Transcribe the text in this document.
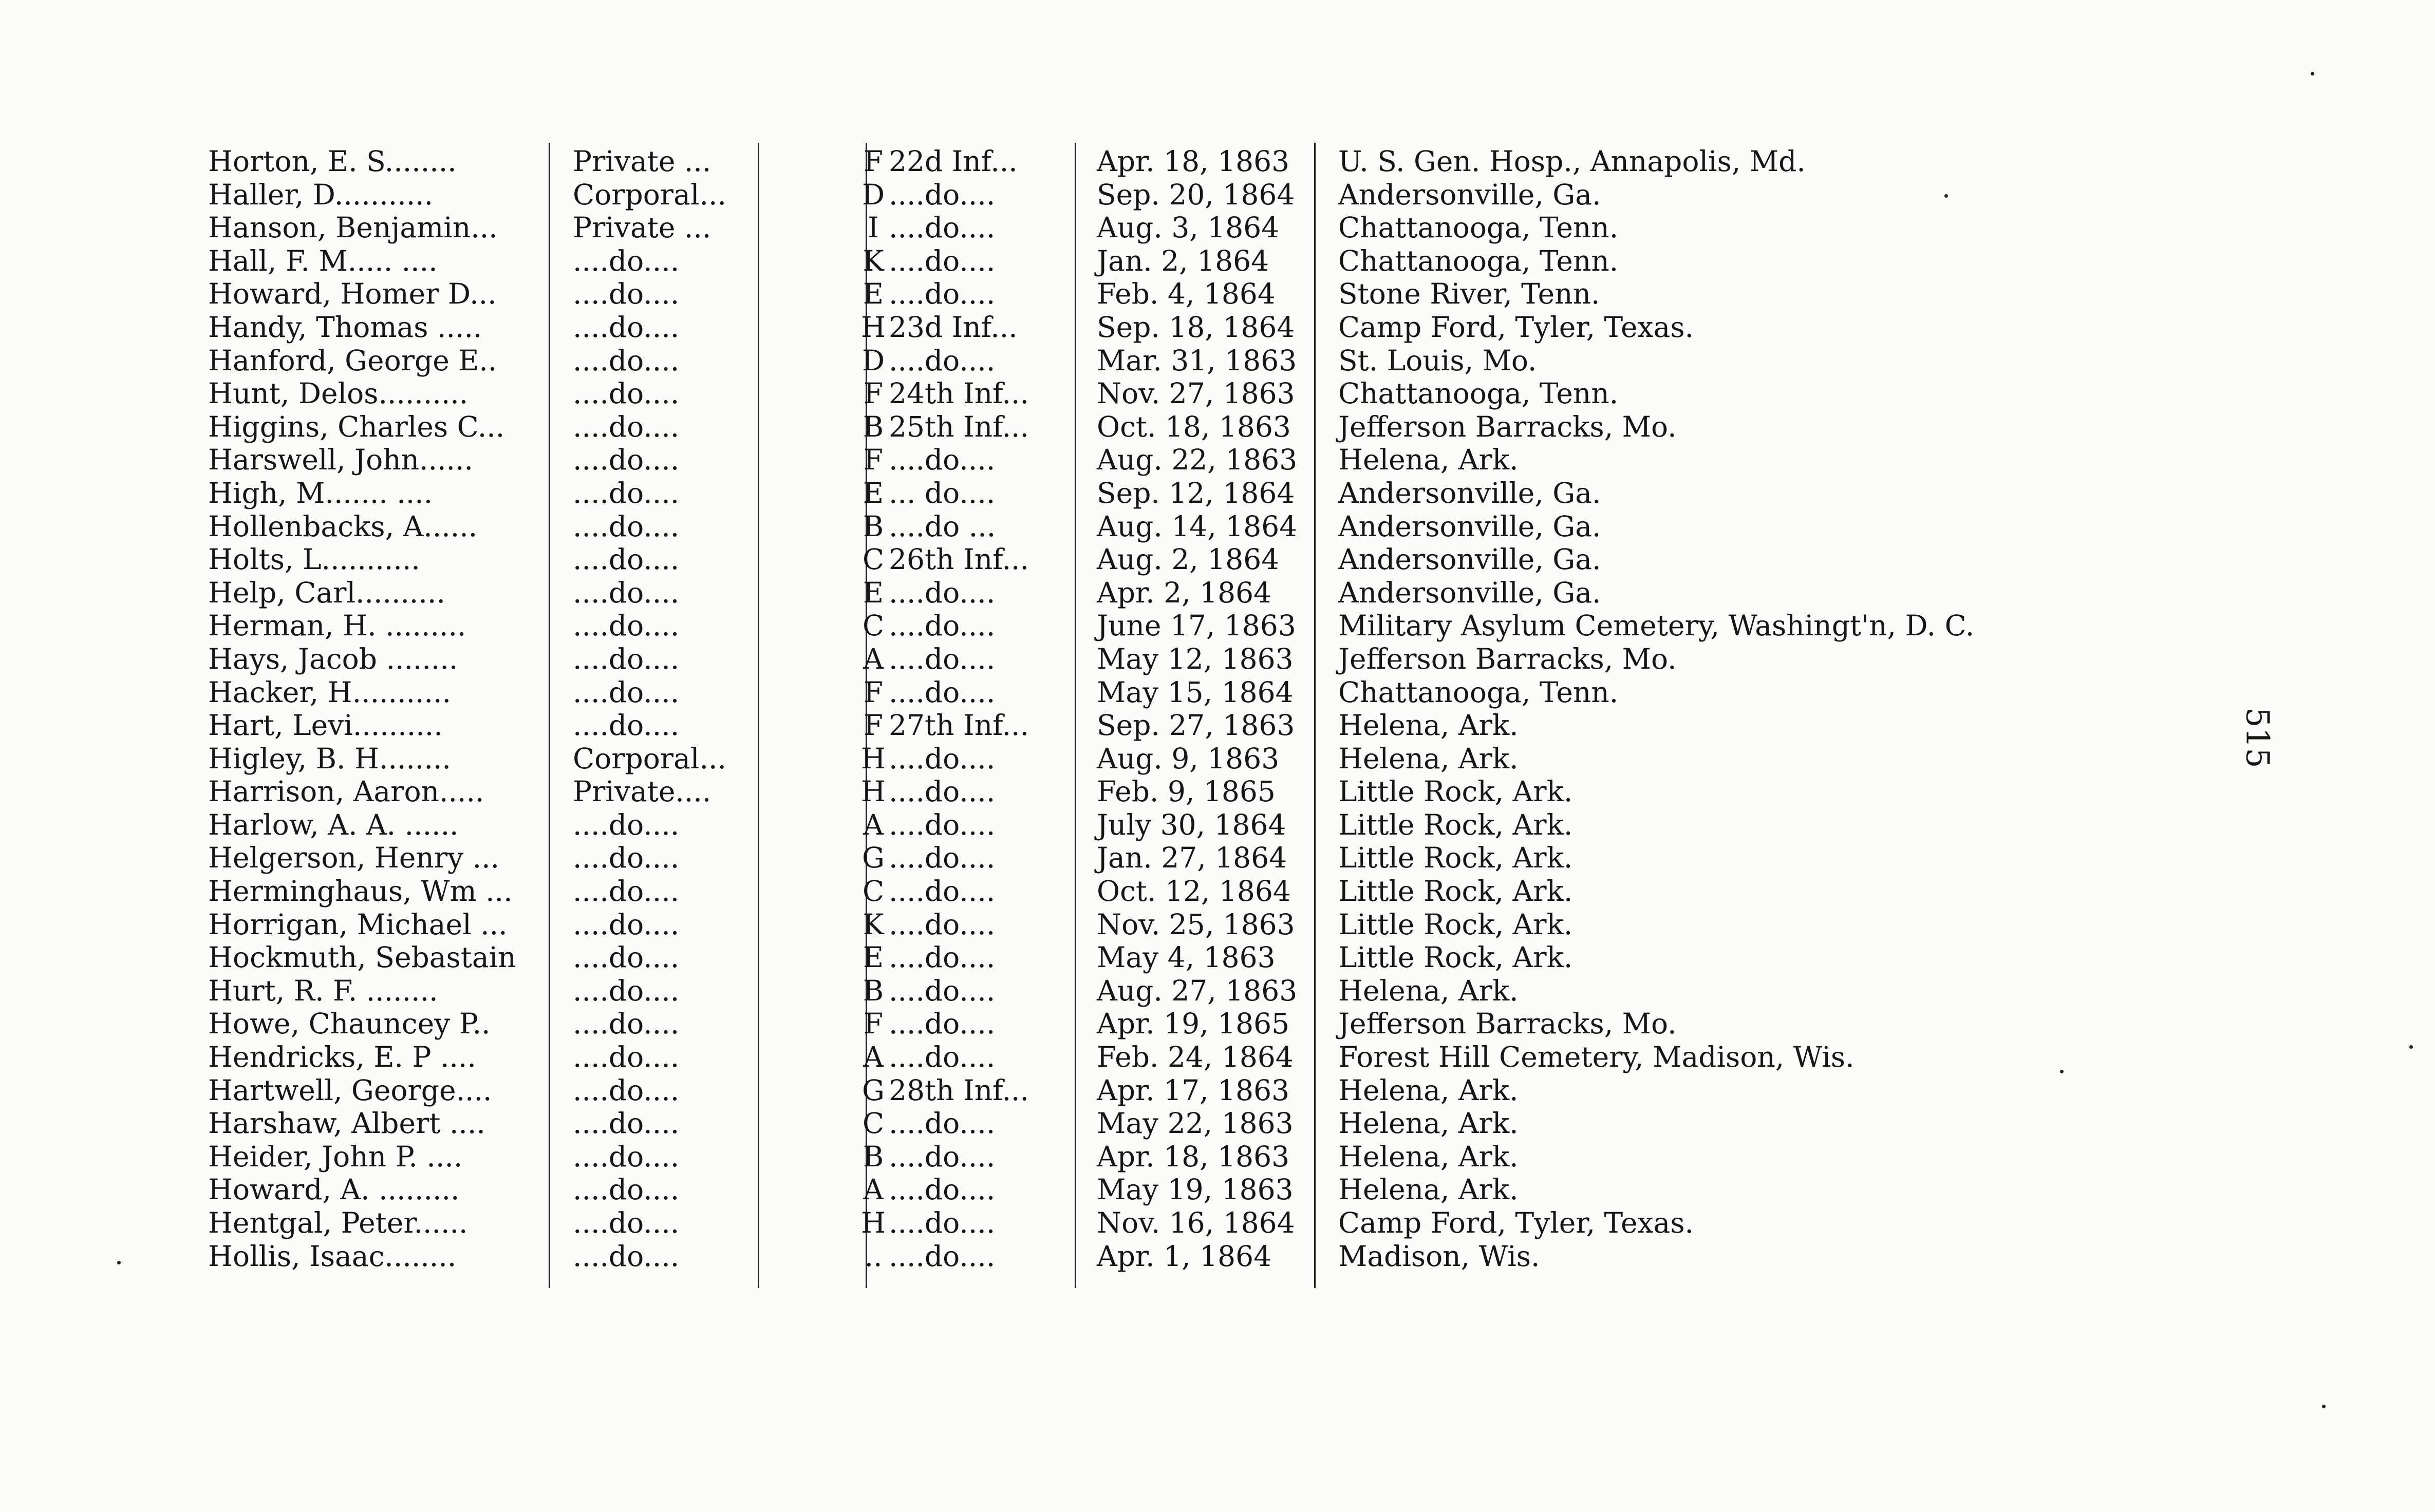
Horton, E. S........	Private ...	F 22d Inf...	Apr. 18, 1863	U. S. Gen. Hosp., Annapolis, Md.
Haller, D...........	Corporal...	D ....do....	Sep. 20, 1864	Andersonville, Ga.
Hanson, Benjamin...	Private ...	I ....do....	Aug. 3, 1864	Chattanooga, Tenn.
Hall, F. M..... ....	....do....	K ....do....	Jan. 2, 1864	Chattanooga, Tenn.
Howard, Homer D...	....do....	E ....do....	Feb. 4, 1864	Stone River, Tenn.
Handy, Thomas .....	....do....	H 23d Inf...	Sep. 18, 1864	Camp Ford, Tyler, Texas.
Hanford, George E..	....do....	D ....do....	Mar. 31, 1863	St. Louis, Mo.
Hunt, Delos..........	....do....	F 24th Inf...	Nov. 27, 1863	Chattanooga, Tenn.
Higgins, Charles C...	....do....	B 25th Inf...	Oct. 18, 1863	Jefferson Barracks, Mo.
Harswell, John......	....do....	F ....do....	Aug. 22, 1863	Helena, Ark.
High, M....... ....	....do....	E ... do....	Sep. 12, 1864	Andersonville, Ga.
Hollenbacks, A......	....do....	B ....do ...	Aug. 14, 1864	Andersonville, Ga.
Holts, L...........	....do....	C 26th Inf...	Aug. 2, 1864	Andersonville, Ga.
Help, Carl..........	....do....	E ....do....	Apr. 2, 1864	Andersonville, Ga.
Herman, H. .........	....do....	C ....do....	June 17, 1863	Military Asylum Cemetery, Washingt'n, D. C.
Hays, Jacob ........	....do....	A ....do....	May 12, 1863	Jefferson Barracks, Mo.
Hacker, H...........	....do....	F ....do....	May 15, 1864	Chattanooga, Tenn.
Hart, Levi..........	....do....	F 27th Inf...	Sep. 27, 1863	Helena, Ark.
Higley, B. H........	Corporal...	H ....do....	Aug. 9, 1863	Helena, Ark.
Harrison, Aaron.....	Private....	H ....do....	Feb. 9, 1865	Little Rock, Ark.
Harlow, A. A. ......	....do....	A ....do....	July 30, 1864	Little Rock, Ark.
Helgerson, Henry ...	....do....	G ....do....	Jan. 27, 1864	Little Rock, Ark.
Herminghaus, Wm ...	....do....	C ....do....	Oct. 12, 1864	Little Rock, Ark.
Horrigan, Michael ...	....do....	K ....do....	Nov. 25, 1863	Little Rock, Ark.
Hockmuth, Sebastain	....do....	E ....do....	May 4, 1863	Little Rock, Ark.
Hurt, R. F. ........	....do....	B ....do....	Aug. 27, 1863	Helena, Ark.
Howe, Chauncey P..	....do....	F ....do....	Apr. 19, 1865	Jefferson Barracks, Mo.
Hendricks, E. P ....	....do....	A ....do....	Feb. 24, 1864	Forest Hill Cemetery, Madison, Wis.
Hartwell, George....	....do....	G 28th Inf...	Apr. 17, 1863	Helena, Ark.
Harshaw, Albert ....	....do....	C ....do....	May 22, 1863	Helena, Ark.
Heider, John P. ....	....do....	B ....do....	Apr. 18, 1863	Helena, Ark.
Howard, A. .........	....do....	A ....do....	May 19, 1863	Helena, Ark.
Hentgal, Peter......	....do....	H ....do....	Nov. 16, 1864	Camp Ford, Tyler, Texas.
Hollis, Isaac........	....do....	.. ....do....	Apr. 1, 1864	Madison, Wis.
515
